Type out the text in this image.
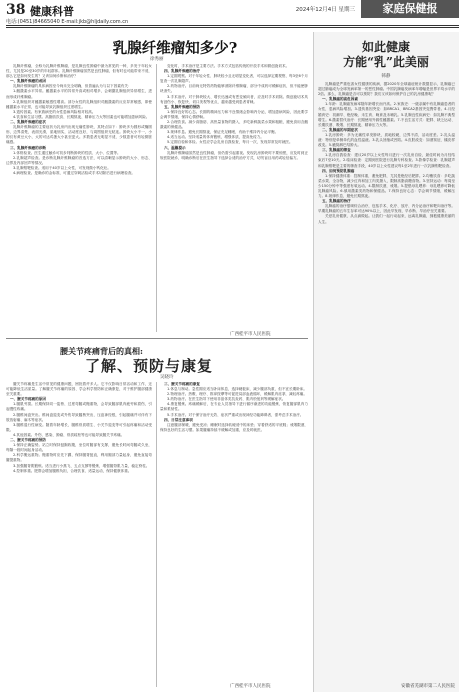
38 健康科普
电话:(0451)84665040 E-mail:jkb@hljdaily.com.cn
2024年12月4日 星期三	家庭保健报
乳腺纤维瘤知多少?
徐秀丽

乳腺纤维瘤，全称为乳腺纤维腺瘤，是乳腺良性肿瘤中最为常见的一种，多发于年轻女性，尤其是20至30岁的年轻群体。乳腺纤维腺瘤虽然是良性肿瘤，但有时也可能带来不适，那么它是如何发生的？又该如何诊断和治疗？

一、乳腺纤维瘤的成因

乳腺纤维腺瘤的具体病因至今尚未完全明确，但普遍认为与以下因素有关：

1.雌激素水平异常。雌激素水平的异常升高或相对增多，会刺激乳腺组织异常增生，进而形成纤维腺瘤。

2.乳腺组织对雌激素敏感性增高。部分女性的乳腺组织对雌激素的反应异常敏感，即使雌激素水平正常，也可能导致乳腺组织过度增生。

3.遗传因素。有家族病史的女性患病风险相对较高。

4.饮食和生活习惯。高脂肪饮食、长期熬夜、精神压力大等因素也可能增加患病风险。

二、乳腺纤维瘤的症状

乳腺纤维腺瘤的主要症状为乳房内出现无痛性肿块，其特点如下：肿块多为圆形或椭圆形，边界清楚，表面光滑，质地韧实，活动度良好，与周围组织无粘连。肿块大小不一，小的仅有黄豆大小，大的可达鸡蛋大小甚至更大。多数患者无明显不适，少数患者可有轻微胀痛感。

三、乳腺纤维瘤的诊断

1.体格检查。医生通过触诊可初步判断肿块的性质、大小、位置等。

2.乳腺超声检查。是诊断乳腺纤维腺瘤的首选方法，可以清晰显示肿块的大小、形态、边界及内部回声等情况。

3.乳腺钼靶检查。适用于40岁以上女性，可发现微小钙化灶。

4.病理检查。是确诊的金标准，可通过穿刺活检或手术切除后进行病理检查。

变化时，手术治疗是主要方法。手术方式包括传统的开放手术和微创旋切术。

四、乳腺纤维瘤的治疗

1.定期观察。对于年轻女性、肿块较小且无明显变化者，可以选择定期观察，每3至6个月复查一次乳腺超声。

2.药物治疗。目前尚无特效药物能够消除纤维腺瘤，部分中成药可缓解症状，但不能使肿块消失。

3.手术治疗。对于肿块较大、增长迅速或有恶变倾向者，应及时手术切除。微创旋切术具有创伤小、恢复快、切口美观等优点，越来越受到患者青睐。

五、乳腺纤维瘤的预防

1.保持良好的心态。长期的精神压力和不良情绪会影响内分泌，增加患病风险，因此要学会调节情绪，保持心情舒畅。

2.合理饮食。减少高脂肪、高热量食物的摄入，多吃新鲜蔬菜水果和粗粮，避免食用含雌激素的保健品。

3.规律作息。避免长期熬夜，保证充足睡眠，有助于维持内分泌平衡。

4.适当运动。坚持适量的体育锻炼，增强体质，提高免疫力。

5.定期自检和体检。女性应学会乳房自我检查，每月一次，发现异常及时就医。

六、温馨提示

乳腺纤维腺瘤虽然是良性肿瘤，但仍需引起重视。发现乳房肿块时不要惊慌，应及时到正规医院就诊，明确诊断后在医生指导下选择合适的治疗方式，切勿盲目用药或轻信偏方。

广西桂平市人民医院
腰关节疼痛背后的真相:
了解、预防与康复
吴晓玲

腰关节疼痛是生活中常见的健康问题，困扰着许多人。它不仅影响日常活动和工作，还可能降低生活质量。了解腰关节疼痛的原因、学会科学预防和正确康复，对于维护腰部健康至关重要。

一、腰关节疼痛的原因

1.腰肌劳损。长期保持同一姿势、过度弯腰或搬重物，会导致腰部肌肉疲劳和损伤，引起慢性疼痛。

2.腰椎间盘突出。椎间盘退变或外伤导致髓核突出，压迫神经根，引起腰痛并可伴有下肢放射痛、麻木等症状。

3.腰椎退行性病变。随着年龄增长，腰椎骨质增生、小关节退变等可引起疼痛和活动受限。

4.其他因素。外伤、感染、肿瘤、骨质疏松等也可能导致腰关节疼痛。

二、腰关节疼痛的预防

1.保持正确姿势。站立时保持挺胸收腹，坐位时腰部有支撑，避免长时间弯腰或久坐，每隔一段时间起身活动。

2.科学搬运重物。搬重物时应先下蹲，保持腰背挺直，利用腿部力量起身，避免直接弯腰提重物。

3.加强腰背肌锻炼。适当进行小燕飞、五点支撑等锻炼，增强腰背肌力量，稳定脊柱。

4.控制体重。肥胖会增加腰椎负担，合理饮食、适量运动，保持健康体重。

三、腰关节疼痛的康复

1.休息与制动。急性期应适当卧床休息，选择硬板床，减少腰部负重，但不宜长期卧床。

2.物理治疗。热敷、理疗、推拿按摩等可促进局部血液循环，缓解肌肉痉挛，减轻疼痛。

3.药物治疗。在医生指导下使用非甾体类抗炎药、肌肉松弛剂等缓解症状。

4.康复锻炼。疼痛缓解后，在专业人员指导下进行循序渐进的功能锻炼，恢复腰部肌肉力量和柔韧性。

5.手术治疗。对于保守治疗无效、症状严重或出现神经功能障碍者，需考虑手术治疗。

四、日常注意事项

注意腰部保暖，避免受凉；睡眠时选择软硬适中的床垫；穿着舒适的平底鞋；戒烟限酒，保持良好的生活习惯。如果腰痛持续不缓解或加重，应及时就医。

广西桂平市人民医院
如此健康
方能“乳”此美丽
韩静

乳腺癌是严重危害女性健康的疾病，据2020年全球癌症统计数据显示，乳腺癌已超过肺癌成为全球发病率第一的恶性肿瘤。中国乳腺癌发病率年增幅是世界平均水平的2倍。那么，乳腺癌是否可以预防？我们又该如何保护自己的乳房健康呢？

一、乳腺癌的高危因素

1.年龄：乳腺癌发病率随年龄增长而升高。2.家族史：一级亲属中有乳腺癌患者的女性，患病风险增加。3.遗传基因突变：如BRCA1、BRCA2基因突变携带者。4.月经婚育史：初潮早、绝经晚、未生育、晚育及未哺乳。5.乳腺良性疾病史：如乳腺不典型增生。6.激素替代治疗：长期使用外源性雌激素。7.不良生活方式：肥胖、缺乏运动、长期饮酒、吸烟、长期熬夜、精神压力大等。

二、乳腺癌的早期症状

1.乳房肿块：多为无痛性单发肿块，质地较硬，边界不清，活动度差。2.乳头溢液：特别是单侧单孔的血性溢液。3.乳头回缩或凹陷。4.皮肤改变：如酒窝征、橘皮样改变。5.腋窝淋巴结肿大。

三、乳腺癌的筛查

1.乳房自我检查：建议20岁以上女性每月进行一次乳房自检，最佳时间为月经结束后7至10天。2.临床检查：定期到医院进行乳腺专科检查。3.影像学检查：乳腺超声和乳腺钼靶是主要的筛查手段，40岁以上女性建议每1至2年进行一次乳腺钼靶检查。

四、如何预防乳腺癌

1.保持健康体重：控制体重，避免肥胖，尤其是绝经后肥胖。2.均衡饮食：多吃蔬菜水果、全谷物，减少红肉和加工肉类摄入，限制高脂高糖食物。3.坚持运动：每周至少150分钟中等强度有氧运动。4.限制饮酒，戒烟。5.提倡母乳喂养：母乳喂养可降低乳腺癌风险。6.慎用激素类药物和保健品。7.保持良好心态：学会调节情绪，缓解压力。8.规律作息，避免长期熬夜。

五、乳腺癌的治疗

乳腺癌的治疗强调综合治疗，包括手术、化疗、放疗、内分泌治疗和靶向治疗等。早期乳腺癌的五年生存率可达90%以上，因此早发现、早诊断、早治疗至关重要。

关爱乳房健康，从点滴做起。让我们一起行动起来，远离乳腺癌，拥抱健康美丽的人生。

安徽省芜湖市第二人民医院
